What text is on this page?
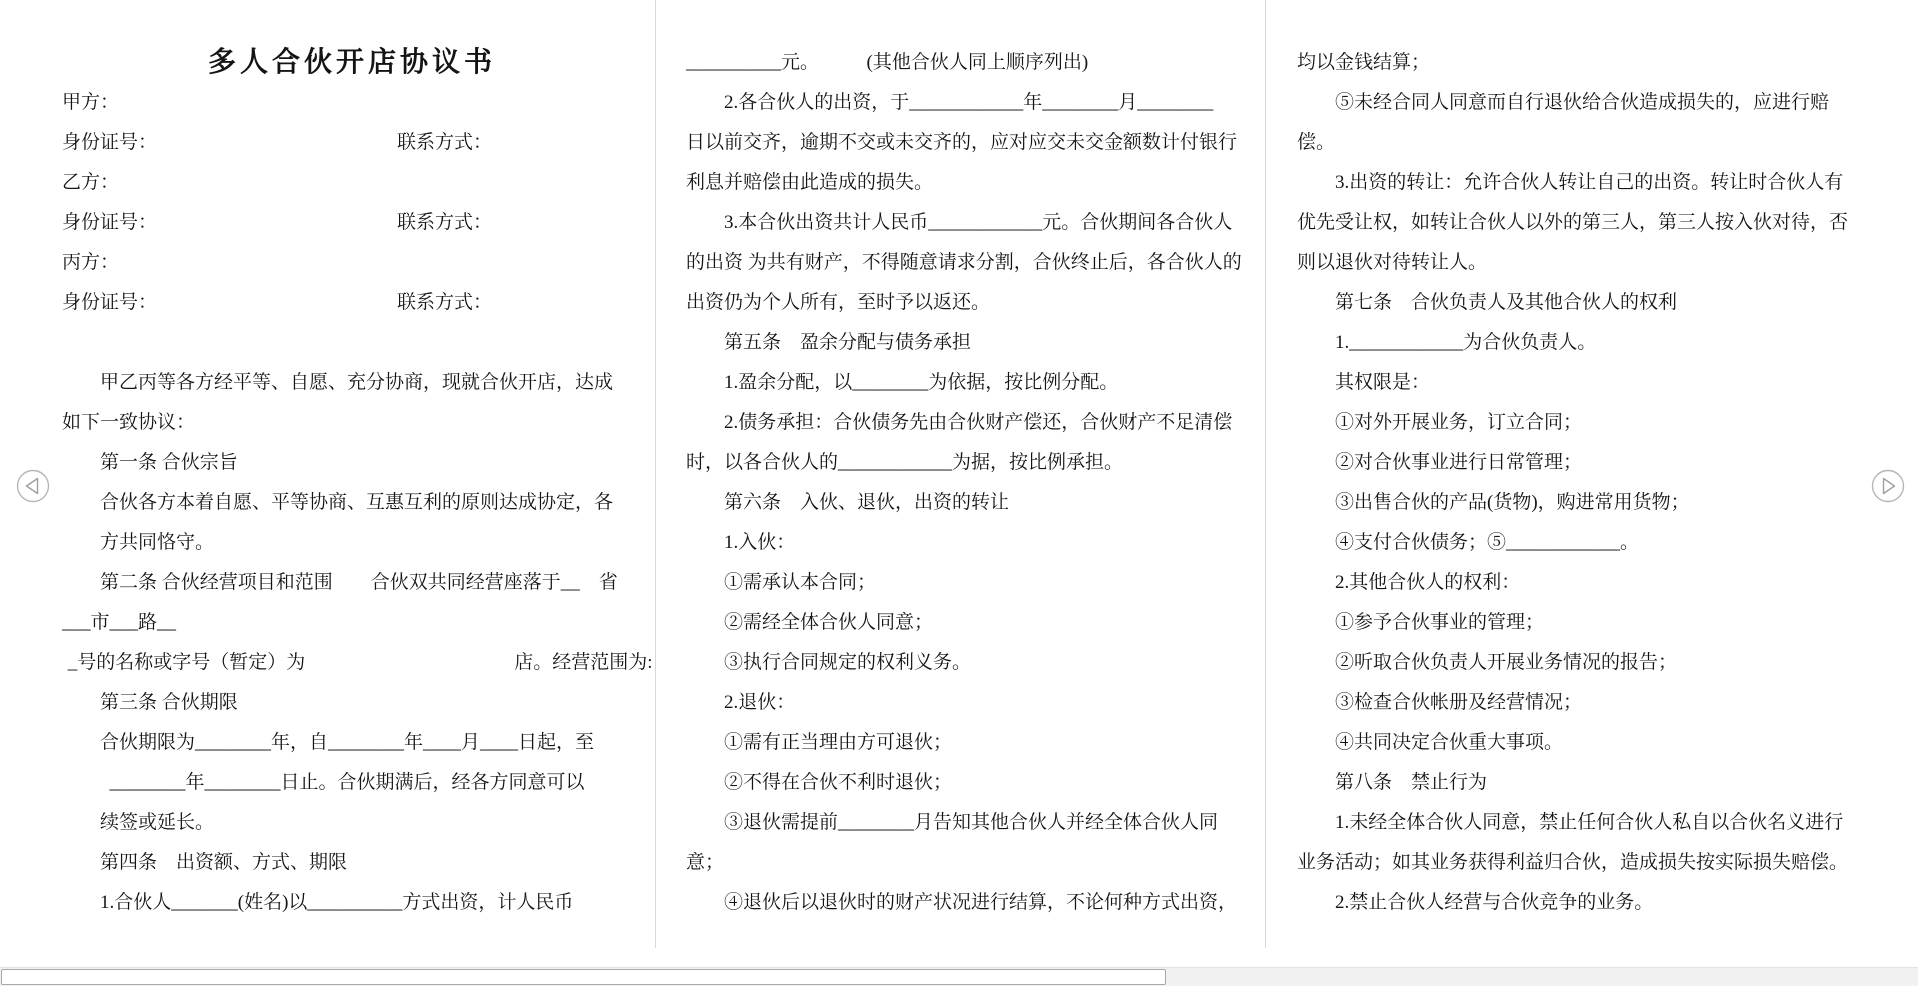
多人合伙开店协议书
甲方：
身份证号：	联系方式：
乙方：
身份证号：	联系方式：
丙方：
身份证号：	联系方式：

甲乙丙等各方经平等、自愿、充分协商，现就合伙开店，达成
如下一致协议：
第一条 合伙宗旨
合伙各方本着自愿、平等协商、互惠互利的原则达成协定，各
方共同恪守。
第二条 合伙经营项目和范围　　合伙双共同经营座落于__　省
___市___路__
_号的名称或字号（暂定）为　　　　　　　　　　　店。经营范围为:
第三条 合伙期限
合伙期限为________年，自________年____月____日起，至
________年________日止。合伙期满后，经各方同意可以
续签或延长。
第四条　出资额、方式、期限
1.合伙人_______(姓名)以__________方式出资，计人民币
__________元。　　　(其他合伙人同上顺序列出)
2.各合伙人的出资，于____________年________月________
日以前交齐，逾期不交或未交齐的，应对应交未交金额数计付银行
利息并赔偿由此造成的损失。
3.本合伙出资共计人民币____________元。合伙期间各合伙人
的出资 为共有财产，不得随意请求分割，合伙终止后，各合伙人的
出资仍为个人所有，至时予以返还。
第五条　盈余分配与债务承担
1.盈余分配，以________为依据，按比例分配。
2.债务承担：合伙债务先由合伙财产偿还，合伙财产不足清偿
时，以各合伙人的____________为据，按比例承担。
第六条　入伙、退伙，出资的转让
1.入伙：
①需承认本合同；
②需经全体合伙人同意；
③执行合同规定的权利义务。
2.退伙：
①需有正当理由方可退伙；
②不得在合伙不利时退伙；
③退伙需提前________月告知其他合伙人并经全体合伙人同
意；
④退伙后以退伙时的财产状况进行结算，不论何种方式出资，
均以金钱结算；
⑤未经合同人同意而自行退伙给合伙造成损失的，应进行赔
偿。
3.出资的转让：允许合伙人转让自己的出资。转让时合伙人有
优先受让权，如转让合伙人以外的第三人，第三人按入伙对待，否
则以退伙对待转让人。
第七条　合伙负责人及其他合伙人的权利
1.____________为合伙负责人。
其权限是：
①对外开展业务，订立合同；
②对合伙事业进行日常管理；
③出售合伙的产品(货物)，购进常用货物；
④支付合伙债务；⑤____________。
2.其他合伙人的权利：
①参予合伙事业的管理；
②听取合伙负责人开展业务情况的报告；
③检查合伙帐册及经营情况；
④共同决定合伙重大事项。
第八条　禁止行为
1.未经全体合伙人同意，禁止任何合伙人私自以合伙名义进行
业务活动；如其业务获得利益归合伙，造成损失按实际损失赔偿。
2.禁止合伙人经营与合伙竞争的业务。
